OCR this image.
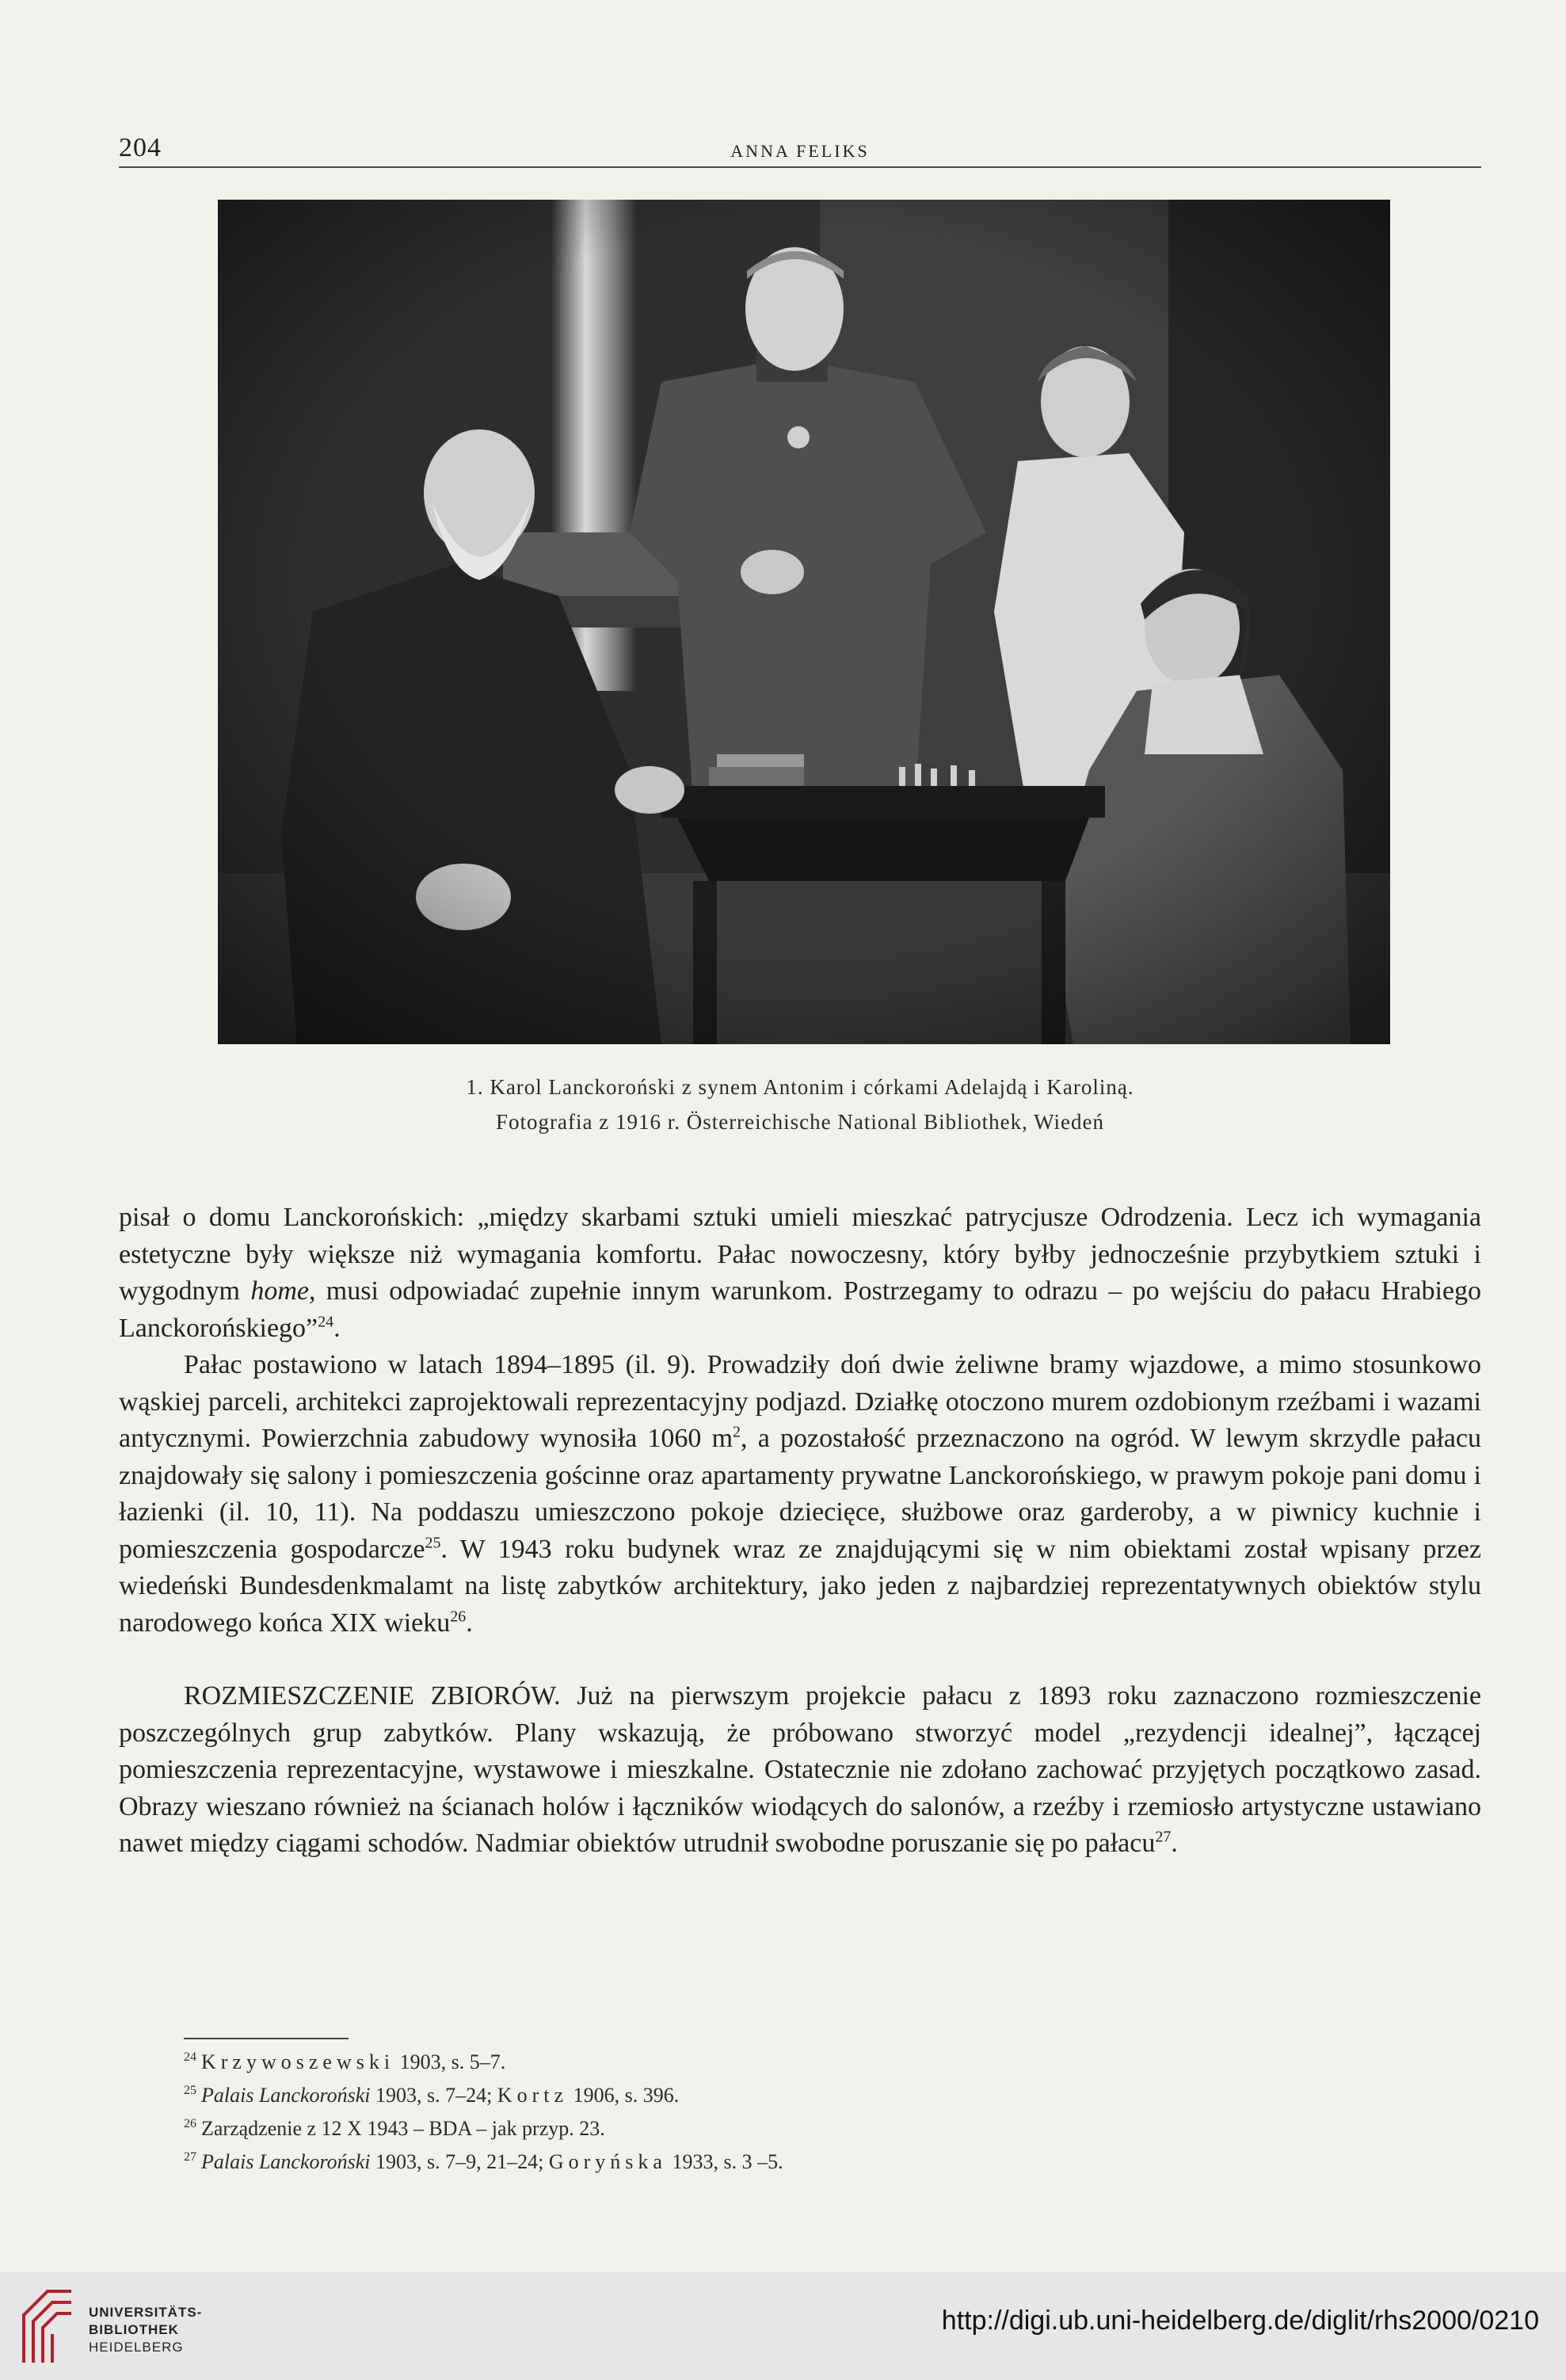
204	ANNA FELIKS
1. Karol Lanckoroński z synem Antonim i córkami Adelajdą i Karoliną.
Fotografia z 1916 r. Österreichische National Bibliothek, Wiedeń

pisał o domu Lanckorońskich: „między skarbami sztuki umieli mieszkać patrycjusze Odrodzenia. Lecz ich wymagania estetyczne były większe niż wymagania komfortu. Pałac nowoczesny, który byłby jednocześnie przybytkiem sztuki i wygodnym home, musi odpowiadać zupełnie innym warunkom. Postrzegamy to odrazu – po wejściu do pałacu Hrabiego Lanckorońskiego”$^{24}$.

Pałac postawiono w latach 1894–1895 (il. 9). Prowadziły doń dwie żeliwne bramy wjazdowe, a mimo stosunkowo wąskiej parceli, architekci zaprojektowali reprezentacyjny podjazd. Działkę otoczono murem ozdobionym rzeźbami i wazami antycznymi. Powierzchnia zabudowy wynosiła 1060 $m^2$, a pozostałość przeznaczono na ogród. W lewym skrzydle pałacu znajdowały się salony i pomieszczenia gościnne oraz apartamenty prywatne Lanckorońskiego, w prawym pokoje pani domu i łazienki (il. 10, 11). Na poddaszu umieszczono pokoje dziecięce, służbowe oraz garderoby, a w piwnicy kuchnie i pomieszczenia gospodarcze$^{25}$. W 1943 roku budynek wraz ze znajdującymi się w nim obiektami został wpisany przez wiedeński Bundesdenkmalamt na listę zabytków architektury, jako jeden z najbardziej reprezentatywnych obiektów stylu narodowego końca XIX wieku$^{26}$.

ROZMIESZCZENIE ZBIORÓW. Już na pierwszym projekcie pałacu z 1893 roku zaznaczono rozmieszczenie poszczególnych grup zabytków. Plany wskazują, że próbowano stworzyć model „rezydencji idealnej”, łączącej pomieszczenia reprezentacyjne, wystawowe i mieszkalne. Ostatecznie nie zdołano zachować przyjętych początkowo zasad. Obrazy wieszano również na ścianach holów i łączników wiodących do salonów, a rzeźby i rzemiosło artystyczne ustawiano nawet między ciągami schodów. Nadmiar obiektów utrudnił swobodne poruszanie się po pałacu$^{27}$.

$^{24}$ Krzywoszewski 1903, s. 5–7.
$^{25}$ Palais Lanckoroński 1903, s. 7–24; Kortz 1906, s. 396.
$^{26}$ Zarządzenie z 12 X 1943 – BDA – jak przyp. 23.
$^{27}$ Palais Lanckoroński 1903, s. 7–9, 21–24; Goryńska 1933, s. 3 –5.
UNIVERSITÄTS-
BIBLIOTHEK
HEIDELBERG
http://digi.ub.uni-heidelberg.de/diglit/rhs2000/0210
